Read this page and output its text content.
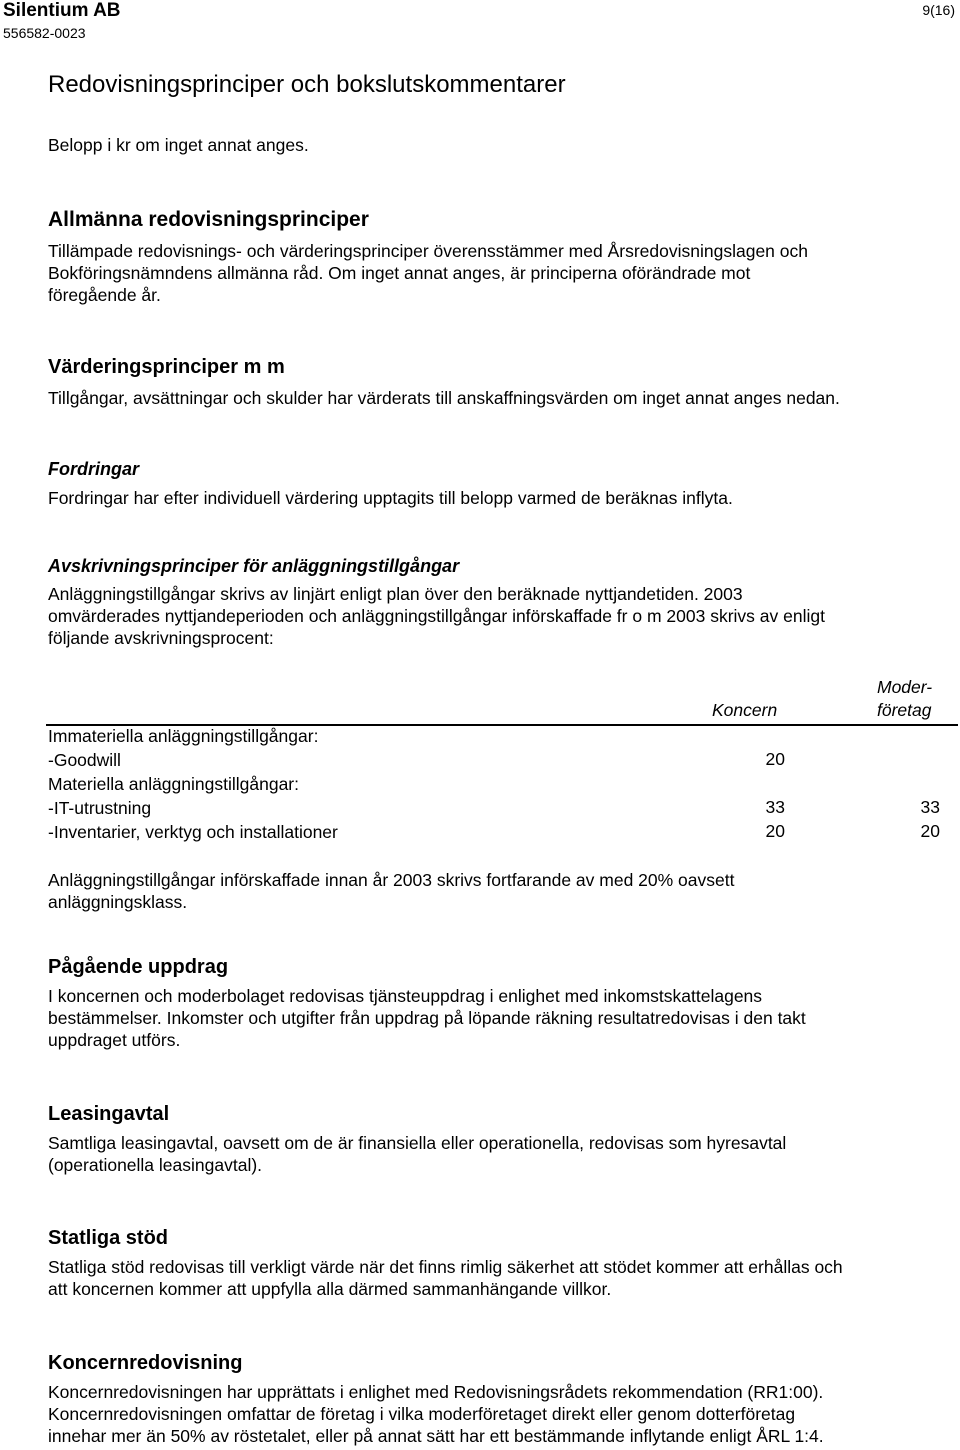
Silentium AB
556582-0023
9(16)
Redovisningsprinciper och bokslutskommentarer
Belopp i kr om inget annat anges.
Allmänna redovisningsprinciper
Tillämpade redovisnings- och värderingsprinciper överensstämmer med Årsredovisningslagen och
Bokföringsnämndens allmänna råd. Om inget annat anges, är principerna oförändrade mot
föregående år.
Värderingsprinciper m m
Tillgångar, avsättningar och skulder har värderats till anskaffningsvärden om inget annat anges nedan.
Fordringar
Fordringar har efter individuell värdering upptagits till belopp varmed de beräknas inflyta.
Avskrivningsprinciper för anläggningstillgångar
Anläggningstillgångar skrivs av linjärt enligt plan över den beräknade nyttjandetiden. 2003
omvärderades nyttjandeperioden och anläggningstillgångar införskaffade fr o m 2003 skrivs av enligt
följande avskrivningsprocent:
Moder-
Koncern	företag
Immateriella anläggningstillgångar:
-Goodwill	20
Materiella anläggningstillgångar:
-IT-utrustning	33	33
-Inventarier, verktyg och installationer	20	20
Anläggningstillgångar införskaffade innan år 2003 skrivs fortfarande av med 20% oavsett
anläggningsklass.
Pågående uppdrag
I koncernen och moderbolaget redovisas tjänsteuppdrag i enlighet med inkomstskattelagens
bestämmelser. Inkomster och utgifter från uppdrag på löpande räkning resultatredovisas i den takt
uppdraget utförs.
Leasingavtal
Samtliga leasingavtal, oavsett om de är finansiella eller operationella, redovisas som hyresavtal
(operationella leasingavtal).
Statliga stöd
Statliga stöd redovisas till verkligt värde när det finns rimlig säkerhet att stödet kommer att erhållas och
att koncernen kommer att uppfylla alla därmed sammanhängande villkor.
Koncernredovisning
Koncernredovisningen har upprättats i enlighet med Redovisningsrådets rekommendation (RR1:00).
Koncernredovisningen omfattar de företag i vilka moderföretaget direkt eller genom dotterföretag
innehar mer än 50% av röstetalet, eller på annat sätt har ett bestämmande inflytande enligt ÅRL 1:4.
